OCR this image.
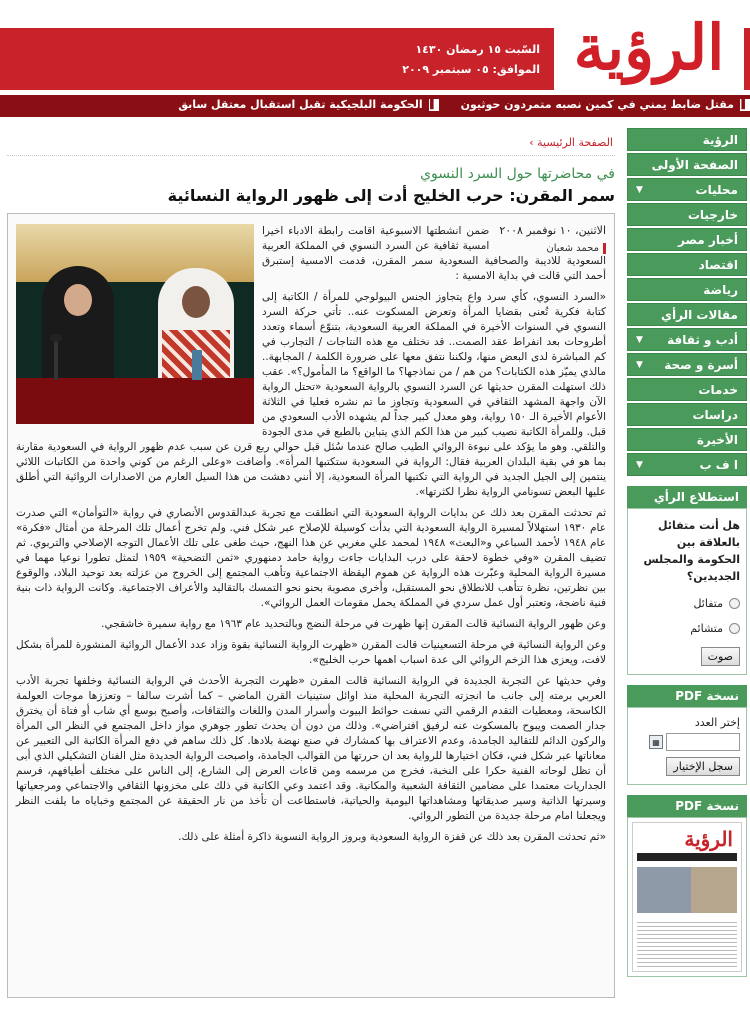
الرؤية
السّبت ١٥ رمضان ١٤٣٠
الموافق: ٠٥ سبتمبر ٢٠٠٩
▌
مقتل ضابط يمني في كمين نصبه متمردون حوثيون
▌
الحكومة البلجيكية تقبل استقبال معتقل سابق
الرؤية
الصفحة الأولى
محليات
▼
خارجيات
أخبار مصر
اقتصاد
رياضة
مقالات الرأي
أدب و ثقافة
▼
أسرة و صحة
▼
خدمات
دراسات
الأخيرة
ا ف ب
▼
استطلاع الرأي
هل أنت متفائل بالعلاقة بين الحكومة والمجلس الجديدين؟
متفائل
متشائم
صوت
PDF نسخة
إختر العدد
▦
سجل الإختيار
PDF نسخة
الرؤية
الصفحة الرئيسية ›
في محاضرتها حول السرد النسوي
سمر المقرن: حرب الخليج أدت إلى ظهور الرواية النسائية
الاثنين، ١٠ نوفمبر ٢٠٠٨
محمد شعبان

ضمن انشطتها الاسبوعية اقامت رابطة الادباء اخيرا امسية ثقافية عن السرد النسوي في المملكة العربية السعودية للاديبة والصحافية السعودية سمر المقرن، قدمت الامسية إستبرق أحمد التي قالت في بداية الامسية :

«السرد النسوي، كأي سرد واع يتجاوز الجنس البيولوجي للمرأة / الكاتبة إلى كتابة فكرية تُعنى بقضايا المرأة وتعرض المسكوت عنه.. تأتي حركة السرد النسوي في السنوات الأخيرة في المملكة العربية السعودية، بتنوّع أسماء وتعدد أطروحات بعد انفراط عقد الصمت.. قد نختلف مع هذه النتاجات / التجارب في كم المباشرة لدى البعض منها، ولكننا نتفق معها على ضرورة الكلمة / المجابهة.. مالذي يميّز هذه الكتابات؟ من هم / من نماذجها؟ ما الواقع؟ ما المأمول؟». عقب ذلك استهلت المقرن حديثها عن السرد النسوي بالرواية السعودية «تحتل الرواية الآن واجهة المشهد الثقافي في السعودية وتجاوز ما تم نشره فعليا في الثلاثة الأعوام الأخيرة الـ ١٥٠ رواية، وهو معدل كبير جداً لم يشهده الأدب السعودي من قبل. وللمرأة الكاتبة نصيب كبير من هذا الكم الذي يتباين بالطبع في مدى الجودة والتلقي. وهو ما يؤكد على نبوءة الروائي الطيب صالح عندما سُئل قبل حوالي ربع قرن عن سبب عدم ظهور الرواية في السعودية مقارنة بما هو في بقية البلدان العربية فقال: الرواية في السعودية ستكتبها المرأة». وأضافت «وعلى الرغم من كوني واحدة من الكاتبات اللائي ينتمين إلى الجيل الجديد في الرواية التي تكتبها المرأة السعودية، إلا أنني دهشت من هذا السيل العارم من الاصدارات الروائية التي أطلق عليها البعض تسونامي الرواية نظرا لكثرتها».

ثم تحدثت المقرن بعد ذلك عن بدايات الرواية السعودية التي انطلقت مع تجربة عبدالقدوس الأنصاري في رواية «التوأمان» التي صدرت عام ١٩٣٠ استهلالاً لمسيرة الرواية السعودية التي بدأت كوسيلة للإصلاح عبر شكل فني. ولم تخرج أعمال تلك المرحلة من أمثال «فكرة» عام ١٩٤٨ لأحمد السباعي و«البعث» ١٩٤٨ لمحمد علي مغربي عن هذا النهج، حيث طغى على تلك الأعمال التوجه الإصلاحي والتربوي. ثم تضيف المقرن «وفي خطوة لاحقة على درب البدايات جاءت رواية حامد دمنهوري «ثمن التضحية» ١٩٥٩ لتمثل تطورا نوعيا مهما في مسيرة الرواية المحلية وعبّرت هذه الرواية عن هموم اليقظة الاجتماعية وتأهب المجتمع إلى الخروج من عزلته بعد توحيد البلاد، والوقوع بين نظرتين، نظرة تتأهب للانطلاق نحو المستقبل، وأخرى مصوبة بحنو نحو التمسك بالتقاليد والأعراف الاجتماعية. وكانت الرواية ذات بنية فنية ناضجة، وتعتبر أول عمل سردي في المملكة يحمل مقومات العمل الروائي».

وعن ظهور الرواية النسائية قالت المقرن إنها ظهرت في مرحلة النضج وبالتحديد عام ١٩٦٣ مع رواية سميرة خاشقجي.

وعن الرواية النسائية في مرحلة التسعينيات قالت المقرن «ظهرت الرواية النسائية بقوة وزاد عدد الأعمال الروائية المنشورة للمرأة بشكل لافت، ويعزى هذا الزخم الروائي الى عدة اسباب اهمها حرب الخليج».

وفي حديثها عن التجربة الجديدة في الرواية النسائية قالت المقرن «ظهرت التجربة الأحدث في الرواية النسائية وخلفها تجربة الأدب العربي برمته إلى جانب ما انجزته التجربة المحلية منذ اوائل ستينيات القرن الماضي – كما أشرت سالفا – وتعززها موجات العولمة الكاسحة، ومعطيات التقدم الرقمي التي نسفت حوائط البيوت وأسرار المدن واللغات والثقافات، وأصبح بوسع أي شاب أو فتاة أن يخترق جدار الصمت ويبوح بالمسكوت عنه لرفيق افتراضي». وذلك من دون أن يحدث تطور جوهري مواز داخل المجتمع في النظر الى المرأة والركون الدائم للتقاليد الجامدة، وعدم الاعتراف بها كمشارك في صنع نهضة بلادها. كل ذلك ساهم في دفع المرأة الكاتبة الى التعبير عن معاناتها عبر شكل فني، فكان اختيارها للرواية بعد ان حررتها من القوالب الجامدة، واصبحت الرواية الجديدة مثل الفنان التشكيلي الذي أبى أن تظل لوحاته الفنية حكرا على النخبة، فخرج من مرسمه ومن قاعات العرض إلى الشارع، إلى الناس على مختلف أطيافهم، فرسم الجداريات معتمدا على مضامين الثقافة الشعبية والمكانية. وقد اعتمد وعي الكاتبة في ذلك على مخزونها الثقافي والاجتماعي ومرجعياتها وسيرتها الذاتية وسير صديقاتها ومشاهداتها اليومية والحياتية، فاستطاعت أن تأخذ من نار الحقيقة عن المجتمع وخباياه ما يلفت النظر ويجعلنا امام مرحلة جديدة من التطور الروائي.

«ثم تحدثت المقرن بعد ذلك عن قفزة الرواية السعودية وبروز الرواية النسوية ذاكرة أمثلة على ذلك.
